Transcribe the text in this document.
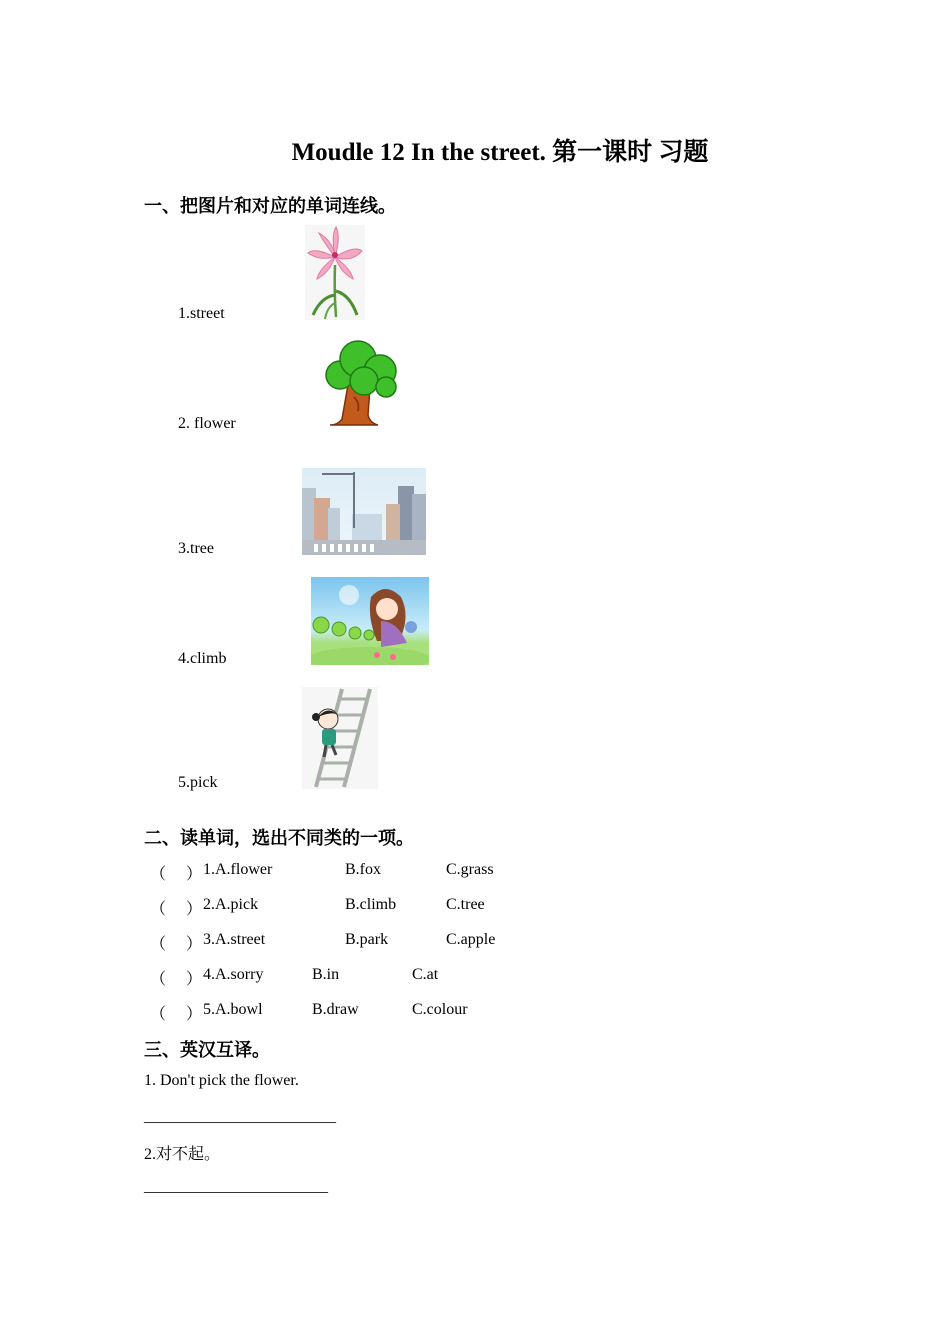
Moudle 12 In the street. 第一课时 习题
一、把图片和对应的单词连线。
1.street
2. flower
3.tree
4.climb
5.pick
二、读单词，选出不同类的一项。
（ ） 1.A.flower	B.fox	C.grass
（ ） 2.A.pick	B.climb	C.tree
（ ） 3.A.street	B.park	C.apple
（ ） 4.A.sorry	B.in	C.at
（ ） 5.A.bowl	B.draw	C.colour
三、英汉互译。
1. Don't pick the flower.
________________________
2.对不起。
_______________________
